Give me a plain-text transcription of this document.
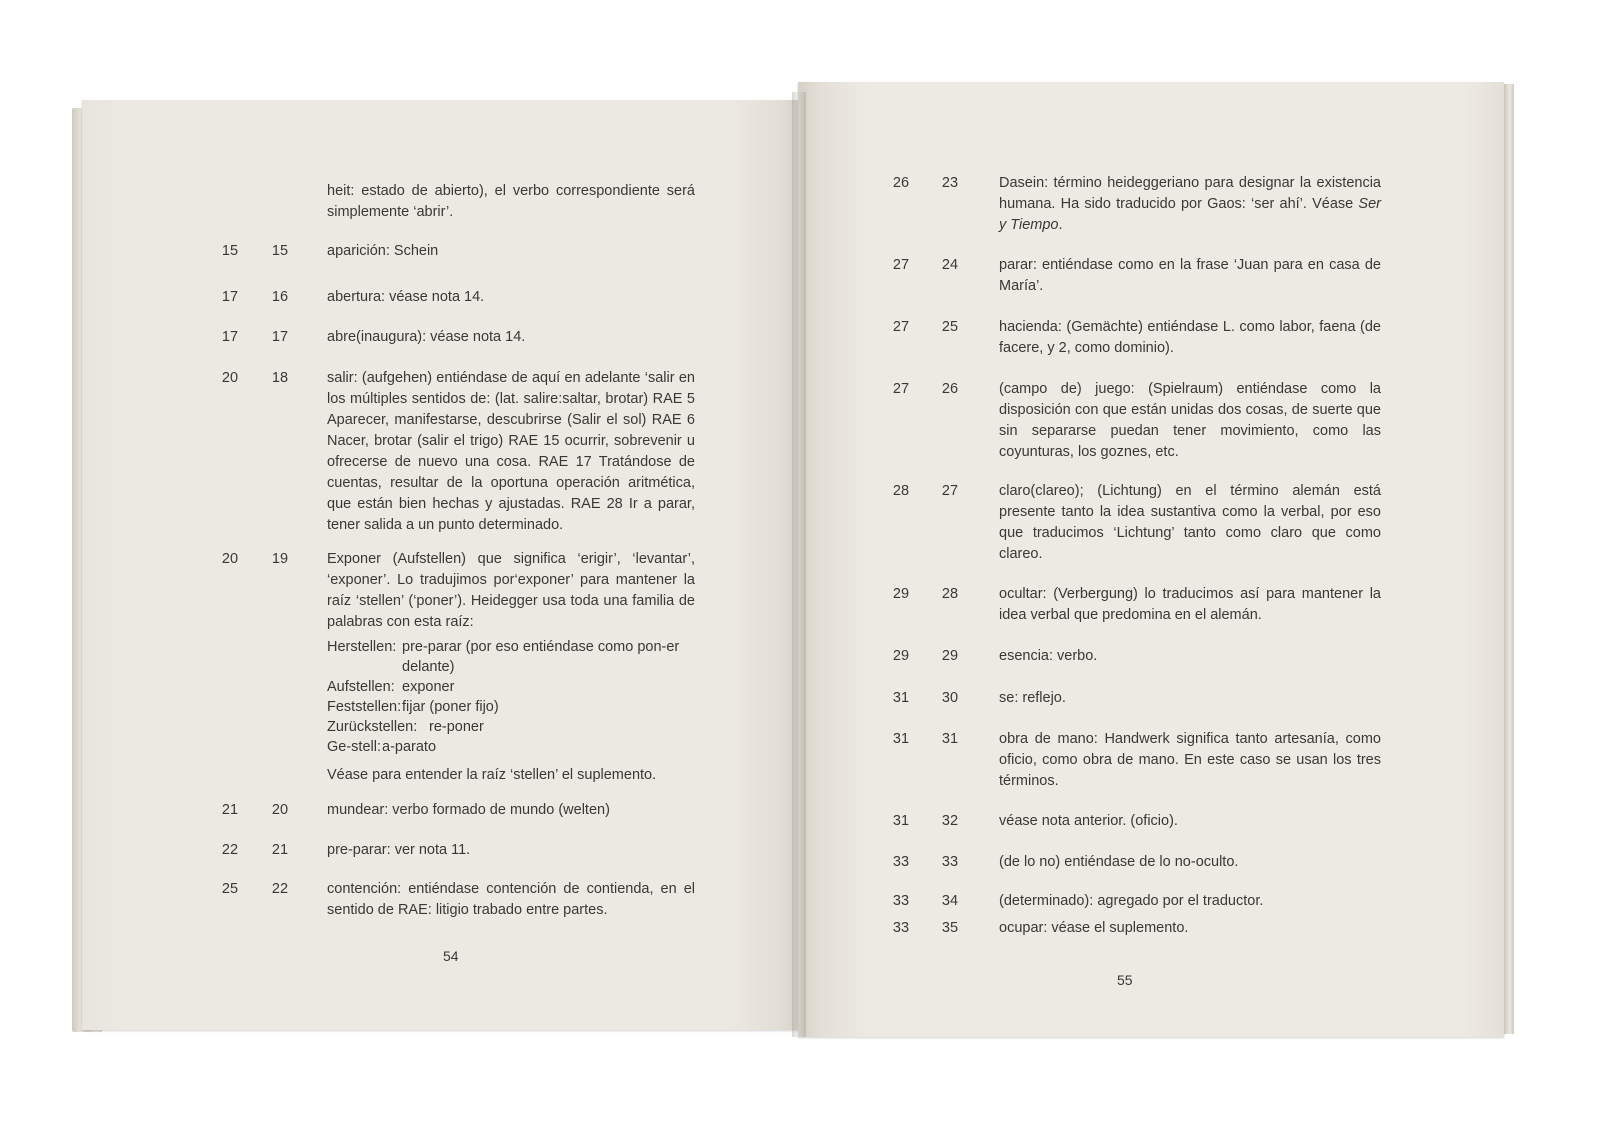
heit: estado de abierto), el verbo correspondiente será simplemente ‘abrir’.
15	15	aparición: Schein
17	16	abertura: véase nota 14.
17	17	abre(inaugura): véase nota 14.
20	18	salir: (aufgehen) entiéndase de aquí en adelante ‘salir en los múltiples sentidos de: (lat. salire:saltar, brotar) RAE 5 Aparecer, manifestarse, descubrirse (Salir el sol) RAE 6 Nacer, brotar (salir el trigo) RAE 15 ocurrir, sobrevenir u ofrecerse de nuevo una cosa. RAE 17 Tratándose de cuentas, resultar de la oportuna operación aritmética, que están bien hechas y ajustadas. RAE 28 Ir a parar, tener salida a un punto determinado.
20	19	Exponer (Aufstellen) que significa ‘erigir’, ‘levantar’, ‘exponer’. Lo tradujimos por‘exponer’ para mantener la raíz ‘stellen’ (‘poner’). Heidegger usa toda una familia de palabras con esta raíz:
Herstellen: pre-parar (por eso entiéndase como pon-er
delante)
Aufstellen: exponer
Feststellen:fijar (poner fijo)
Zurückstellen: re-poner
Ge-stell:a-parato
Véase para entender la raíz ‘stellen’ el suplemento.
21	20	mundear: verbo formado de mundo (welten)
22	21	pre-parar: ver nota 11.
25	22	contención: entiéndase contención de contienda, en el sentido de RAE: litigio trabado entre partes.
54
26	23	Dasein: término heideggeriano para designar la existencia humana. Ha sido traducido por Gaos: ‘ser ahí’. Véase Ser y Tiempo.
27	24	parar: entiéndase como en la frase ‘Juan para en casa de María’.
27	25	hacienda: (Gemächte) entiéndase L. como labor, faena (de facere, y 2, como dominio).
27	26	(campo de) juego: (Spielraum) entiéndase como la disposición con que están unidas dos cosas, de suerte que sin separarse puedan tener movimiento, como las coyunturas, los goznes, etc.
28	27	claro(clareo); (Lichtung) en el término alemán está presente tanto la idea sustantiva como la verbal, por eso que traducimos ‘Lichtung’ tanto como claro que como clareo.
29	28	ocultar: (Verbergung) lo traducimos así para mantener la idea verbal que predomina en el alemán.
29	29	esencia: verbo.
31	30	se: reflejo.
31	31	obra de mano: Handwerk significa tanto artesanía, como oficio, como obra de mano. En este caso se usan los tres términos.
31	32	véase nota anterior. (oficio).
33	33	(de lo no) entiéndase de lo no-oculto.
33	34	(determinado): agregado por el traductor.
33	35	ocupar: véase el suplemento.
55
